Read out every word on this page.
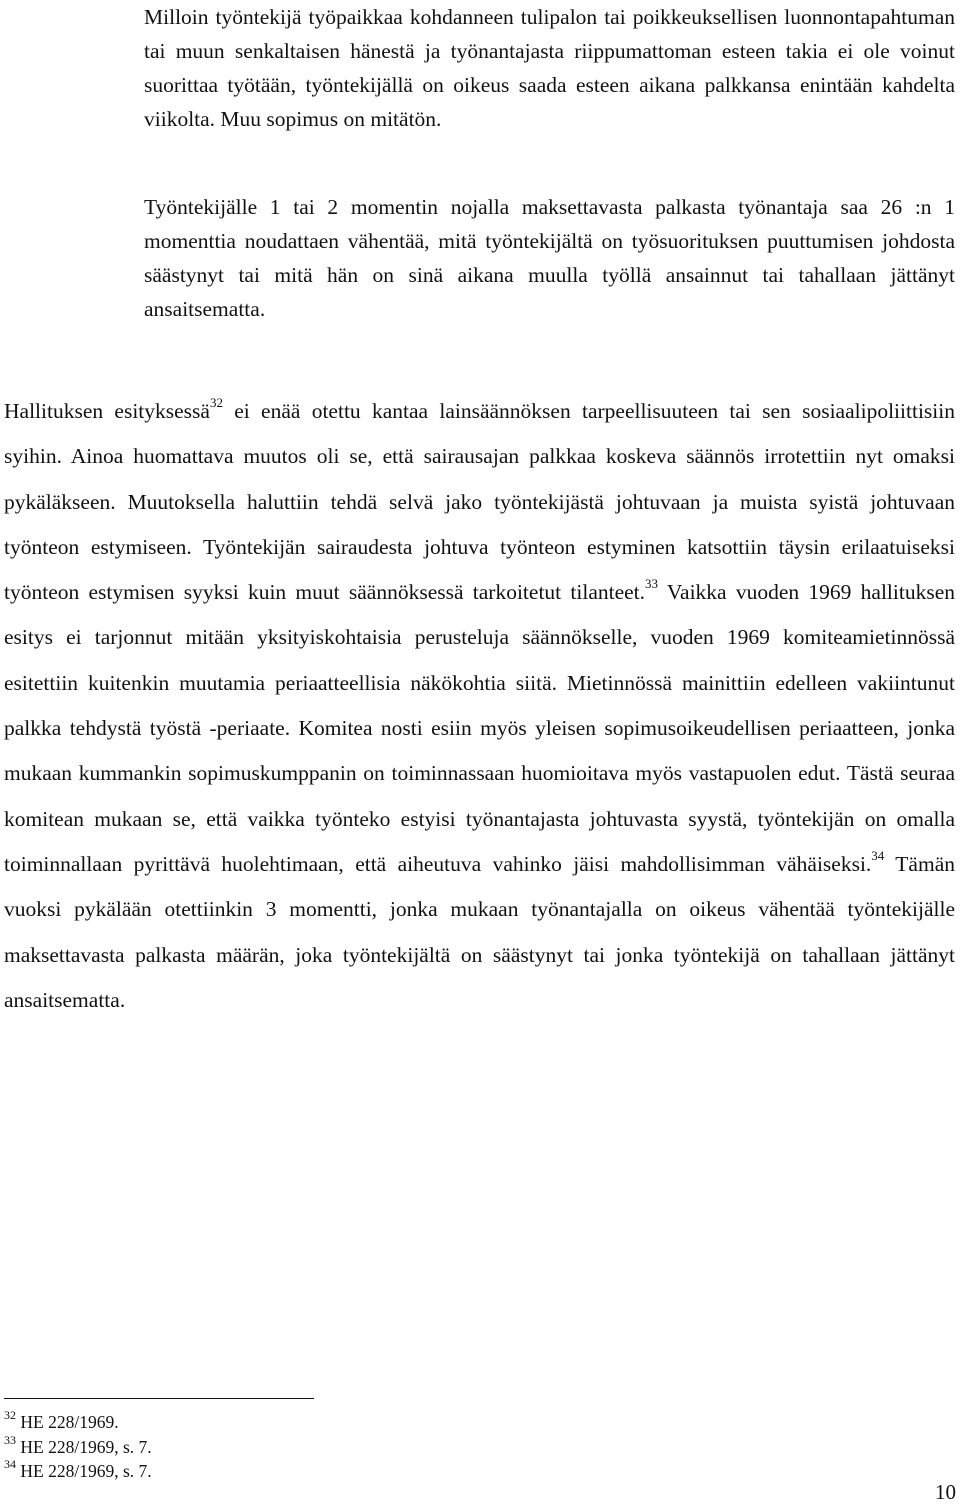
Milloin työntekijä työpaikkaa kohdanneen tulipalon tai poikkeuksellisen luonnontapahtuman tai muun senkaltaisen hänestä ja työnantajasta riippumattoman esteen takia ei ole voinut suorittaa työtään, työntekijällä on oikeus saada esteen aikana palkkansa enintään kahdelta viikolta. Muu sopimus on mitätön.

Työntekijälle 1 tai 2 momentin nojalla maksettavasta palkasta työnantaja saa 26 :n 1 momenttia noudattaen vähentää, mitä työntekijältä on työsuorituksen puuttumisen johdosta säästynyt tai mitä hän on sinä aikana muulla työllä ansainnut tai tahallaan jättänyt ansaitsematta.

Hallituksen esityksessä$^{32}$ ei enää otettu kantaa lainsäännöksen tarpeellisuuteen tai sen sosiaalipoliittisiin syihin. Ainoa huomattava muutos oli se, että sairausajan palkkaa koskeva säännös irrotettiin nyt omaksi pykäläkseen. Muutoksella haluttiin tehdä selvä jako työntekijästä johtuvaan ja muista syistä johtuvaan työnteon estymiseen. Työntekijän sairaudesta johtuva työnteon estyminen katsottiin täysin erilaatuiseksi työnteon estymisen syyksi kuin muut säännöksessä tarkoitetut tilanteet.$^{33}$ Vaikka vuoden 1969 hallituksen esitys ei tarjonnut mitään yksityiskohtaisia perusteluja säännökselle, vuoden 1969 komiteamietinnössä esitettiin kuitenkin muutamia periaatteellisia näkökohtia siitä. Mietinnössä mainittiin edelleen vakiintunut palkka tehdystä työstä -periaate. Komitea nosti esiin myös yleisen sopimusoikeudellisen periaatteen, jonka mukaan kummankin sopimuskumppanin on toiminnassaan huomioitava myös vastapuolen edut. Tästä seuraa komitean mukaan se, että vaikka työnteko estyisi työnantajasta johtuvasta syystä, työntekijän on omalla toiminnallaan pyrittävä huolehtimaan, että aiheutuva vahinko jäisi mahdollisimman vähäiseksi.$^{34}$ Tämän vuoksi pykälään otettiinkin 3 momentti, jonka mukaan työnantajalla on oikeus vähentää työntekijälle maksettavasta palkasta määrän, joka työntekijältä on säästynyt tai jonka työntekijä on tahallaan jättänyt ansaitsematta.

$^{32}$ HE 228/1969.
$^{33}$ HE 228/1969, s. 7.
$^{34}$ HE 228/1969, s. 7.
10
